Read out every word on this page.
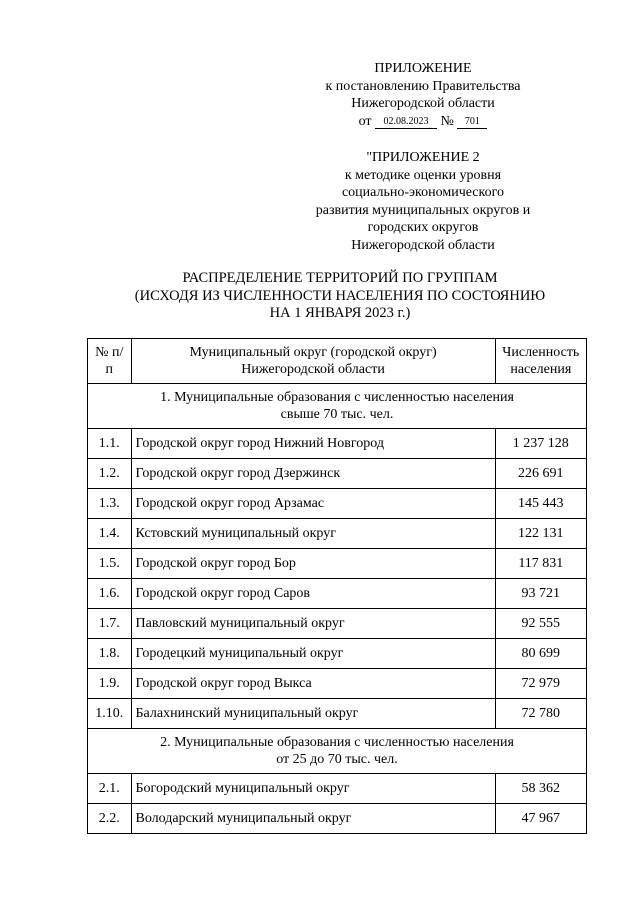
ПРИЛОЖЕНИЕ
к постановлению Правительства
Нижегородской области
от 02.08.2023 № 701
"ПРИЛОЖЕНИЕ 2
к методике оценки уровня
социально-экономического
развития муниципальных округов и
городских округов
Нижегородской области
РАСПРЕДЕЛЕНИЕ ТЕРРИТОРИЙ ПО ГРУППАМ
(ИСХОДЯ ИЗ ЧИСЛЕННОСТИ НАСЕЛЕНИЯ ПО СОСТОЯНИЮ
НА 1 ЯНВАРЯ 2023 г.)
№ п/п	Муниципальный округ (городской округ)
Нижегородской области	Численность
населения

1. Муниципальные образования с численностью населения
свыше 70 тыс. чел.		

1.1.	Городской округ город Нижний Новгород	1 237 128
1.2.	Городской округ город Дзержинск	226 691
1.3.	Городской округ город Арзамас	145 443
1.4.	Кстовский муниципальный округ	122 131
1.5.	Городской округ город Бор	117 831
1.6.	Городской округ город Саров	93 721
1.7.	Павловский муниципальный округ	92 555
1.8.	Городецкий муниципальный округ	80 699
1.9.	Городской округ город Выкса	72 979
1.10.	Балахнинский муниципальный округ	72 780

2. Муниципальные образования с численностью населения
от 25 до 70 тыс. чел.		

2.1.	Богородский муниципальный округ	58 362
2.2.	Володарский муниципальный округ	47 967
